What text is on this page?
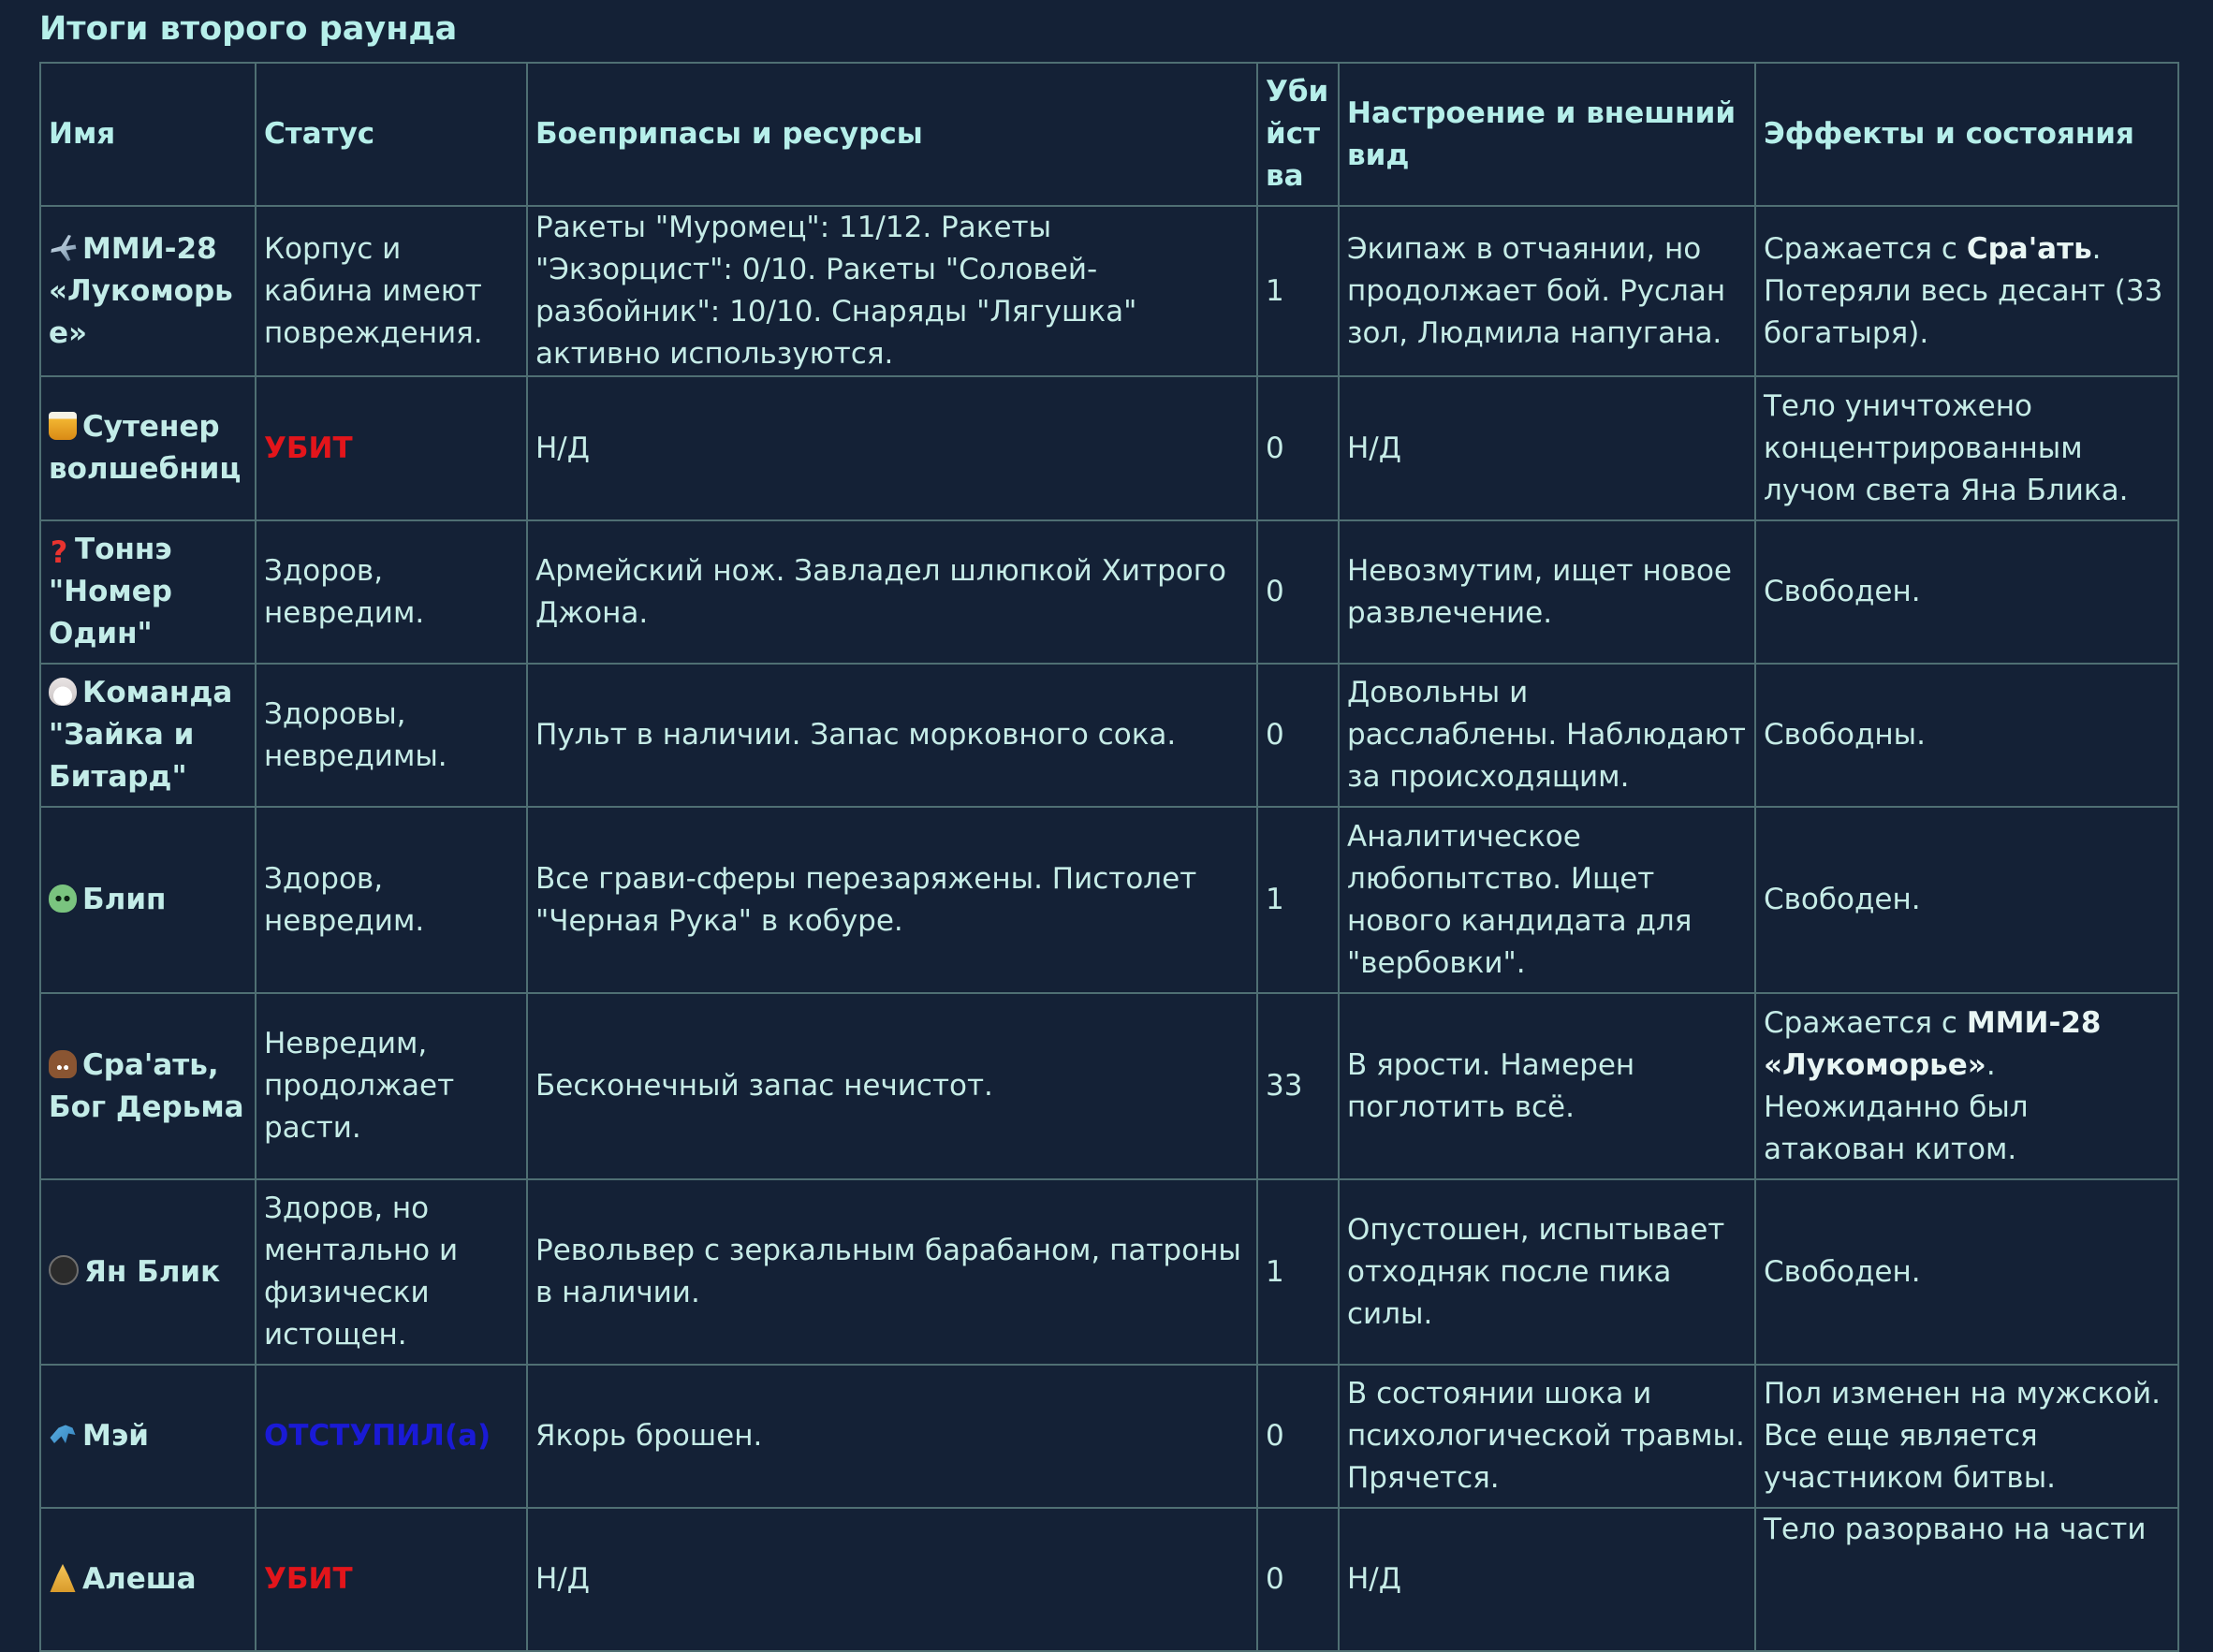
Итоги второго раунда
Имя	Статус	Боеприпасы и ресурсы	Убийства	Настроение и внешний вид	Эффекты и состояния
ММИ-28 «Лукоморье»	Корпус и кабина имеют повреждения.	Ракеты "Муромец": 11/12. Ракеты "Экзорцист": 0/10. Ракеты "Соловей-разбойник": 10/10. Снаряды "Лягушка" активно используются.	1	Экипаж в отчаянии, но продолжает бой. Руслан зол, Людмила напугана.	Сражается с Сра'ать. Потеряли весь десант (33 богатыря).
Сутенер волшебниц	УБИТ	Н/Д	0	Н/Д	Тело уничтожено концентрированным лучом света Яна Блика.
? Тоннэ "Номер Один"	Здоров, невредим.	Армейский нож. Завладел шлюпкой Хитрого Джона.	0	Невозмутим, ищет новое развлечение.	Свободен.
Команда "Зайка и Битард"	Здоровы, невредимы.	Пульт в наличии. Запас морковного сока.	0	Довольны и расслаблены. Наблюдают за происходящим.	Свободны.
Блип	Здоров, невредим.	Все грави-сферы перезаряжены. Пистолет "Черная Рука" в кобуре.	1	Аналитическое любопытство. Ищет нового кандидата для "вербовки".	Свободен.
Сра'ать, Бог Дерьма	Невредим, продолжает расти.	Бесконечный запас нечистот.	33	В ярости. Намерен поглотить всё.	Сражается с ММИ-28 «Лукоморье». Неожиданно был атакован китом.
Ян Блик	Здоров, но ментально и физически истощен.	Револьвер с зеркальным барабаном, патроны в наличии.	1	Опустошен, испытывает отходняк после пика силы.	Свободен.
Мэй	ОТСТУПИЛ(а)	Якорь брошен.	0	В состоянии шока и психологической травмы. Прячется.	Пол изменен на мужской. Все еще является участником битвы.
Алеша	УБИТ	Н/Д	0	Н/Д	Тело разорвано на части
